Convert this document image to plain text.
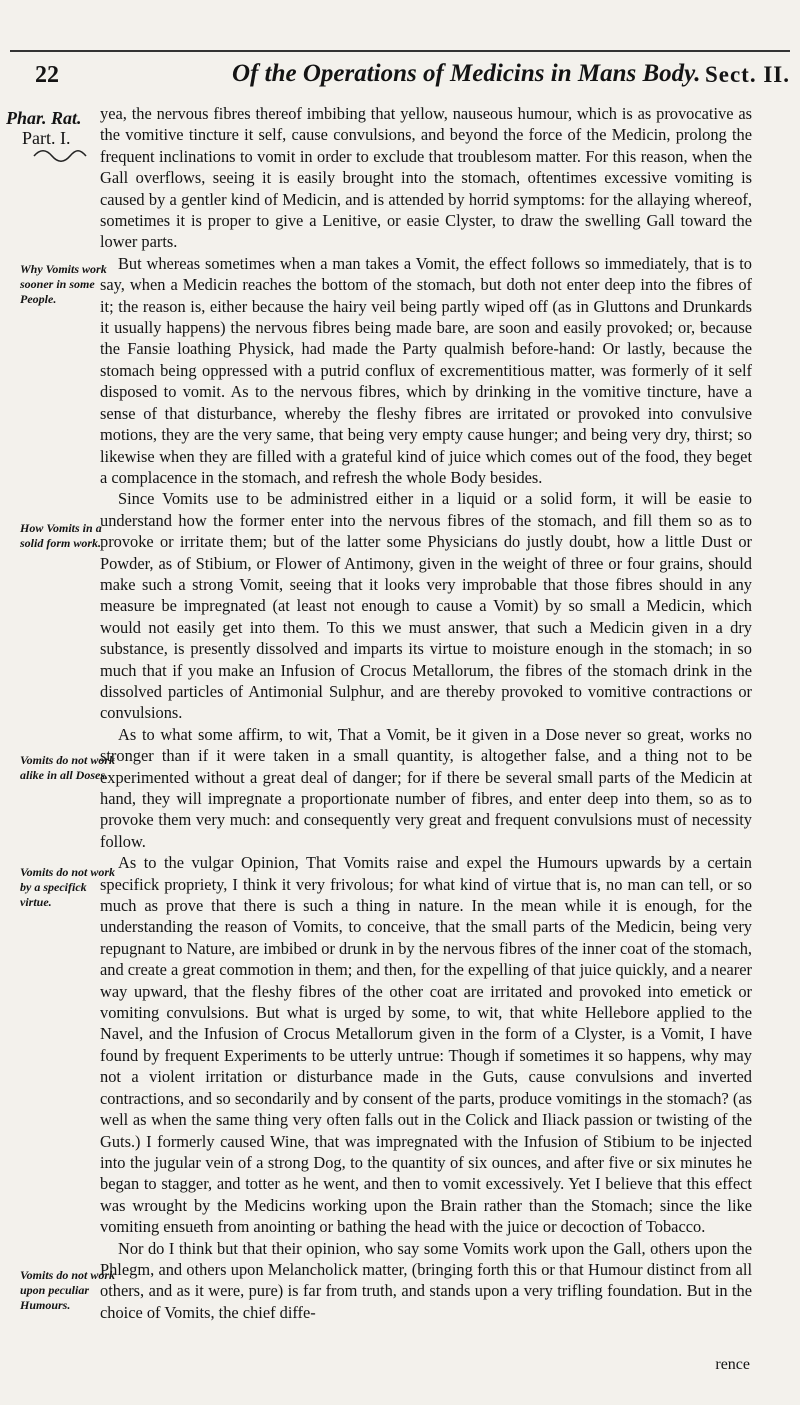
22	Of the Operations of Medicins in Mans Body. Sect. II.
Phar. Rat.
Part. I.
Why Vomits work sooner in some People.
How Vomits in a solid form work.
Vomits do not work alike in all Doses.
Vomits do not work by a specifick virtue.
Vomits do not work upon peculiar Humours.

yea, the nervous fibres thereof imbibing that yellow, nauseous humour, which is as provocative as the vomitive tincture it self, cause convulsions, and beyond the force of the Medicin, prolong the frequent inclinations to vomit in order to exclude that troublesom matter. For this reason, when the Gall overflows, seeing it is easily brought into the stomach, oftentimes excessive vomiting is caused by a gentler kind of Medicin, and is attended by horrid symptoms: for the allaying whereof, sometimes it is proper to give a Lenitive, or easie Clyster, to draw the swelling Gall toward the lower parts.

But whereas sometimes when a man takes a Vomit, the effect follows so immediately, that is to say, when a Medicin reaches the bottom of the stomach, but doth not enter deep into the fibres of it; the reason is, either because the hairy veil being partly wiped off (as in Gluttons and Drunkards it usually happens) the nervous fibres being made bare, are soon and easily provoked; or, because the Fansie loathing Physick, had made the Party qualmish before-hand: Or lastly, because the stomach being oppressed with a putrid conflux of excrementitious matter, was formerly of it self disposed to vomit. As to the nervous fibres, which by drinking in the vomitive tincture, have a sense of that disturbance, whereby the fleshy fibres are irritated or provoked into convulsive motions, they are the very same, that being very empty cause hunger; and being very dry, thirst; so likewise when they are filled with a grateful kind of juice which comes out of the food, they beget a complacence in the stomach, and refresh the whole Body besides.

Since Vomits use to be administred either in a liquid or a solid form, it will be easie to understand how the former enter into the nervous fibres of the stomach, and fill them so as to provoke or irritate them; but of the latter some Physicians do justly doubt, how a little Dust or Powder, as of Stibium, or Flower of Antimony, given in the weight of three or four grains, should make such a strong Vomit, seeing that it looks very improbable that those fibres should in any measure be impregnated (at least not enough to cause a Vomit) by so small a Medicin, which would not easily get into them. To this we must answer, that such a Medicin given in a dry substance, is presently dissolved and imparts its virtue to moisture enough in the stomach; in so much that if you make an Infusion of Crocus Metallorum, the fibres of the stomach drink in the dissolved particles of Antimonial Sulphur, and are thereby provoked to vomitive contractions or convulsions.

As to what some affirm, to wit, That a Vomit, be it given in a Dose never so great, works no stronger than if it were taken in a small quantity, is altogether false, and a thing not to be experimented without a great deal of danger; for if there be several small parts of the Medicin at hand, they will impregnate a proportionate number of fibres, and enter deep into them, so as to provoke them very much: and consequently very great and frequent convulsions must of necessity follow.

As to the vulgar Opinion, That Vomits raise and expel the Humours upwards by a certain specifick propriety, I think it very frivolous; for what kind of virtue that is, no man can tell, or so much as prove that there is such a thing in nature. In the mean while it is enough, for the understanding the reason of Vomits, to conceive, that the small parts of the Medicin, being very repugnant to Nature, are imbibed or drunk in by the nervous fibres of the inner coat of the stomach, and create a great commotion in them; and then, for the expelling of that juice quickly, and a nearer way upward, that the fleshy fibres of the other coat are irritated and provoked into emetick or vomiting convulsions. But what is urged by some, to wit, that white Hellebore applied to the Navel, and the Infusion of Crocus Metallorum given in the form of a Clyster, is a Vomit, I have found by frequent Experiments to be utterly untrue: Though if sometimes it so happens, why may not a violent irritation or disturbance made in the Guts, cause convulsions and inverted contractions, and so secondarily and by consent of the parts, produce vomitings in the stomach? (as well as when the same thing very often falls out in the Colick and Iliack passion or twisting of the Guts.) I formerly caused Wine, that was impregnated with the Infusion of Stibium to be injected into the jugular vein of a strong Dog, to the quantity of six ounces, and after five or six minutes he began to stagger, and totter as he went, and then to vomit excessively. Yet I believe that this effect was wrought by the Medicins working upon the Brain rather than the Stomach; since the like vomiting ensueth from anointing or bathing the head with the juice or decoction of Tobacco.

Nor do I think but that their opinion, who say some Vomits work upon the Gall, others upon the Phlegm, and others upon Melancholick matter, (bringing forth this or that Humour distinct from all others, and as it were, pure) is far from truth, and stands upon a very trifling foundation. But in the choice of Vomits, the chief diffe-

rence
